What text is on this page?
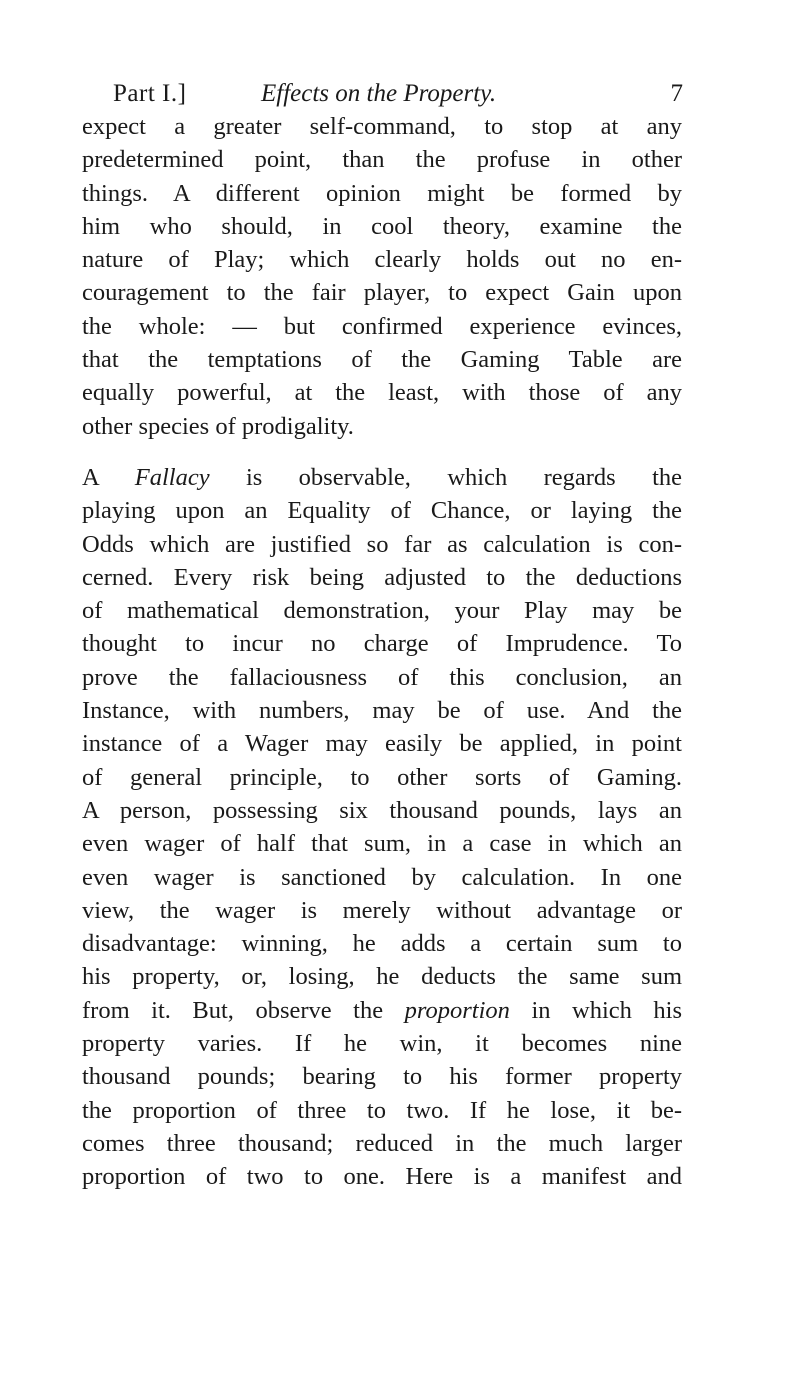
Part I.]	Effects on the Property.	7
expect a greater self-command, to stop at any
predetermined point, than the profuse in other
things. A different opinion might be formed by
him who should, in cool theory, examine the
nature of Play; which clearly holds out no en-
couragement to the fair player, to expect Gain upon
the whole: — but confirmed experience evinces,
that the temptations of the Gaming Table are
equally powerful, at the least, with those of any
other species of prodigality.
A Fallacy is observable, which regards the
playing upon an Equality of Chance, or laying the
Odds which are justified so far as calculation is con-
cerned. Every risk being adjusted to the deductions
of mathematical demonstration, your Play may be
thought to incur no charge of Imprudence. To
prove the fallaciousness of this conclusion, an
Instance, with numbers, may be of use. And the
instance of a Wager may easily be applied, in point
of general principle, to other sorts of Gaming.
A person, possessing six thousand pounds, lays an
even wager of half that sum, in a case in which an
even wager is sanctioned by calculation. In one
view, the wager is merely without advantage or
disadvantage: winning, he adds a certain sum to
his property, or, losing, he deducts the same sum
from it. But, observe the proportion in which his
property varies. If he win, it becomes nine
thousand pounds; bearing to his former property
the proportion of three to two. If he lose, it be-
comes three thousand; reduced in the much larger
proportion of two to one. Here is a manifest and
